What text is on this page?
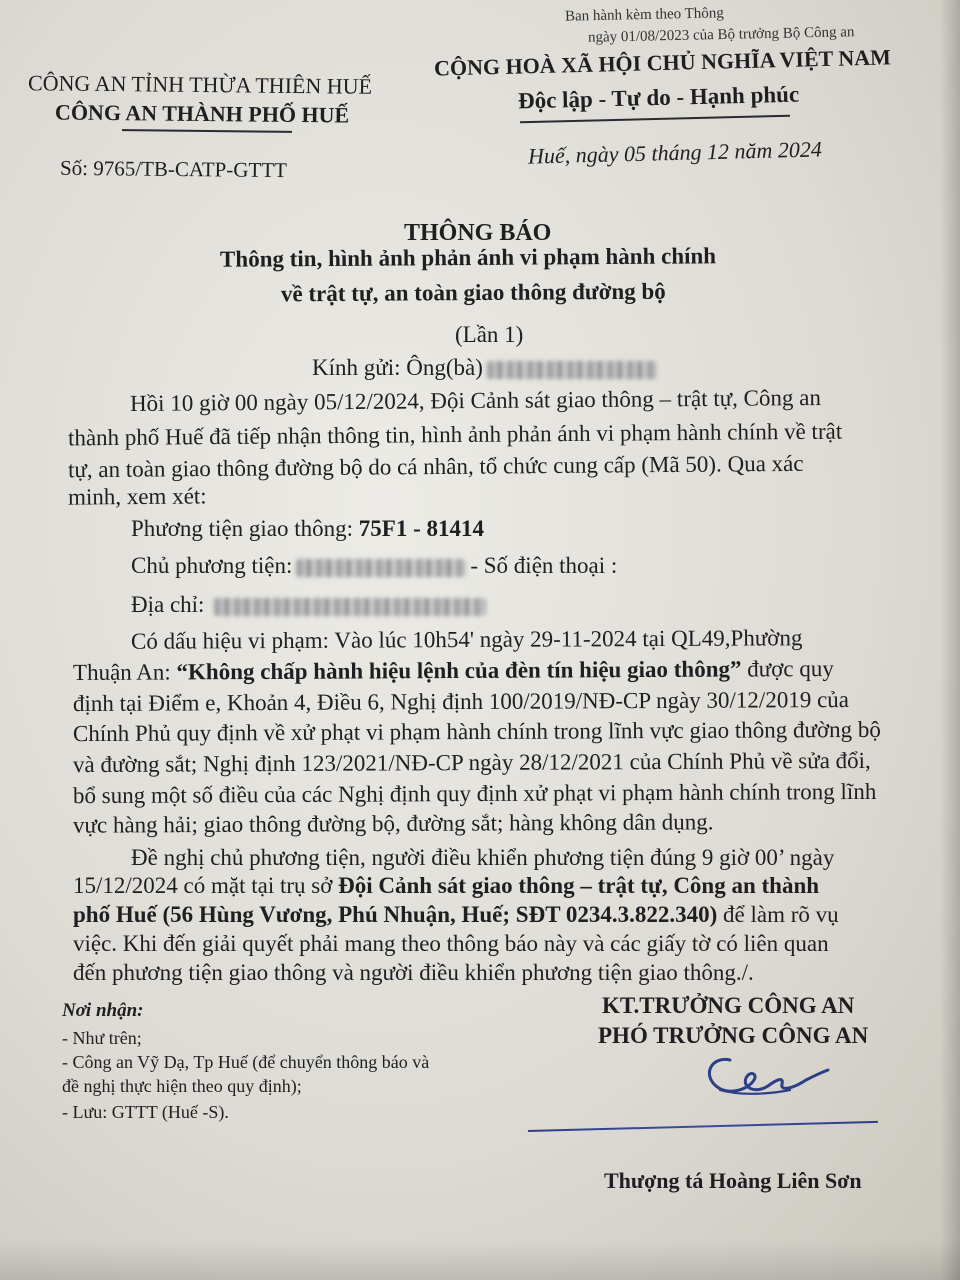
Ban hành kèm theo Thông
ngày 01/08/2023 của Bộ trưởng Bộ Công an
CÔNG AN TỈNH THỪA THIÊN HUẾ
CÔNG AN THÀNH PHỐ HUẾ
Số: 9765/TB-CATP-GTTT
CỘNG HOÀ XÃ HỘI CHỦ NGHĨA VIỆT NAM
Độc lập - Tự do - Hạnh phúc
Huế, ngày 05 tháng 12 năm 2024
THÔNG BÁO
Thông tin, hình ảnh phản ánh vi phạm hành chính
về trật tự, an toàn giao thông đường bộ
(Lần 1)
Kính gửi: Ông(bà)
Hồi 10 giờ 00 ngày 05/12/2024, Đội Cảnh sát giao thông – trật tự, Công an
thành phố Huế đã tiếp nhận thông tin, hình ảnh phản ánh vi phạm hành chính về trật
tự, an toàn giao thông đường bộ do cá nhân, tổ chức cung cấp (Mã 50). Qua xác
minh, xem xét:
Phương tiện giao thông: 75F1 - 81414
Chủ phương tiện:	- Số điện thoại :
Địa chỉ:
Có dấu hiệu vi phạm: Vào lúc 10h54' ngày 29-11-2024 tại QL49,Phường
Thuận An: “Không chấp hành hiệu lệnh của đèn tín hiệu giao thông” được quy
định tại Điểm e, Khoản 4, Điều 6, Nghị định 100/2019/NĐ-CP ngày 30/12/2019 của
Chính Phủ quy định về xử phạt vi phạm hành chính trong lĩnh vực giao thông đường bộ
và đường sắt; Nghị định 123/2021/NĐ-CP ngày 28/12/2021 của Chính Phủ về sửa đổi,
bổ sung một số điều của các Nghị định quy định xử phạt vi phạm hành chính trong lĩnh
vực hàng hải; giao thông đường bộ, đường sắt; hàng không dân dụng.
Đề nghị chủ phương tiện, người điều khiển phương tiện đúng 9 giờ 00’ ngày
15/12/2024 có mặt tại trụ sở Đội Cảnh sát giao thông – trật tự, Công an thành
phố Huế (56 Hùng Vương, Phú Nhuận, Huế; SĐT 0234.3.822.340) để làm rõ vụ
việc. Khi đến giải quyết phải mang theo thông báo này và các giấy tờ có liên quan
đến phương tiện giao thông và người điều khiển phương tiện giao thông./.
Nơi nhận:
- Như trên;
- Công an Vỹ Dạ, Tp Huế (để chuyển thông báo và
đề nghị thực hiện theo quy định);
- Lưu: GTTT (Huế -S).
KT.TRƯỞNG CÔNG AN
PHÓ TRƯỞNG CÔNG AN
Thượng tá Hoàng Liên Sơn
